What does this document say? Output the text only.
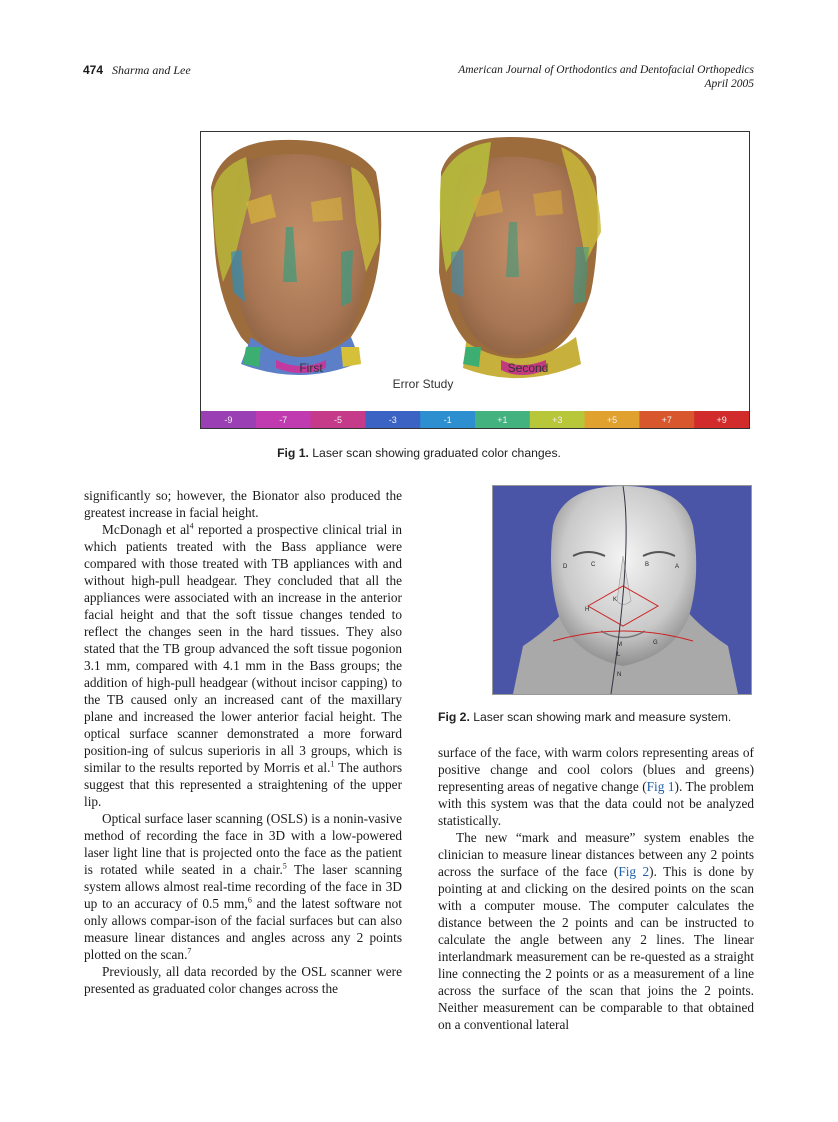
474 Sharma and Lee	American Journal of Orthodontics and Dentofacial Orthopedics
April 2005
First	Second
Error Study
-9	-7	-5	-3	-1	+1	+3	+5	+7	+9
Fig 1. Laser scan showing graduated color changes.
D	C	B	A
K
H
M
L
N
G
Fig 2. Laser scan showing mark and measure system.

significantly so; however, the Bionator also produced the greatest increase in facial height.

McDonagh et $al^4$ reported a prospective clinical trial in which patients treated with the Bass appliance were compared with those treated with TB appliances with and without high-pull headgear. They concluded that all the appliances were associated with an increase in the anterior facial height and that the soft tissue changes tended to reflect the changes seen in the hard tissues. They also stated that the TB group advanced the soft tissue pogonion 3.1 mm, compared with 4.1 mm in the Bass groups; the addition of high-pull headgear (without incisor capping) to the TB caused only an increased cant of the maxillary plane and increased the lower anterior facial height. The optical surface scanner demonstrated a more forward position-ing of sulcus superioris in all 3 groups, which is similar to the results reported by Morris et al.$^1$ The authors suggest that this represented a straightening of the upper lip.

Optical surface laser scanning (OSLS) is a nonin-vasive method of recording the face in 3D with a low-powered laser light line that is projected onto the face as the patient is rotated while seated in a chair.$^5$ The laser scanning system allows almost real-time recording of the face in 3D up to an accuracy of 0.5 mm,$^6$ and the latest software not only allows compar-ison of the facial surfaces but can also measure linear distances and angles across any 2 points plotted on the scan.$^7$

Previously, all data recorded by the OSL scanner were presented as graduated color changes across the

surface of the face, with warm colors representing areas of positive change and cool colors (blues and greens) representing areas of negative change (Fig 1). The problem with this system was that the data could not be analyzed statistically.

The new “mark and measure” system enables the clinician to measure linear distances between any 2 points across the surface of the face (Fig 2). This is done by pointing at and clicking on the desired points on the scan with a computer mouse. The computer calculates the distance between the 2 points and can be instructed to calculate the angle between any 2 lines. The linear interlandmark measurement can be re-quested as a straight line connecting the 2 points or as a measurement of a line across the surface of the scan that joins the 2 points. Neither measurement can be comparable to that obtained on a conventional lateral
